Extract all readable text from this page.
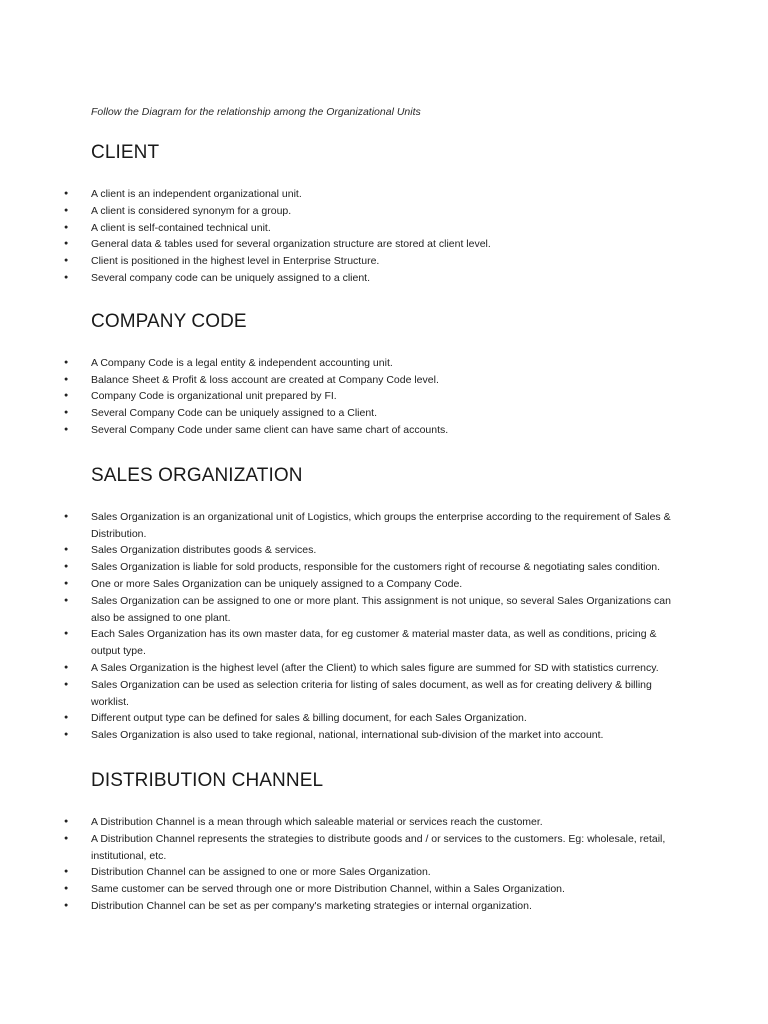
Follow the Diagram for the relationship among the Organizational Units

CLIENT
● A client is an independent organizational unit.
● A client is considered synonym for a group.
● A client is self-contained technical unit.
● General data & tables used for several organization structure are stored at client level.
● Client is positioned in the highest level in Enterprise Structure.
● Several company code can be uniquely assigned to a client.
COMPANY CODE
● A Company Code is a legal entity & independent accounting unit.
● Balance Sheet & Profit & loss account are created at Company Code level.
● Company Code is organizational unit prepared by FI.
● Several Company Code can be uniquely assigned to a Client.
● Several Company Code under same client can have same chart of accounts.
SALES ORGANIZATION
● Sales Organization is an organizational unit of Logistics, which groups the enterprise according to the requirement of Sales & Distribution.
● Sales Organization distributes goods & services.
● Sales Organization is liable for sold products, responsible for the customers right of recourse & negotiating sales condition.
● One or more Sales Organization can be uniquely assigned to a Company Code.
● Sales Organization can be assigned to one or more plant. This assignment is not unique, so several Sales Organizations can also be assigned to one plant.
● Each Sales Organization has its own master data, for eg customer & material master data, as well as conditions, pricing & output type.
● A Sales Organization is the highest level (after the Client) to which sales figure are summed for SD with statistics currency.
● Sales Organization can be used as selection criteria for listing of sales document, as well as for creating delivery & billing worklist.
● Different output type can be defined for sales & billing document, for each Sales Organization.
● Sales Organization is also used to take regional, national, international sub-division of the market into account.
DISTRIBUTION CHANNEL
● A Distribution Channel is a mean through which saleable material or services reach the customer.
● A Distribution Channel represents the strategies to distribute goods and / or services to the customers. Eg: wholesale, retail, institutional, etc.
● Distribution Channel can be assigned to one or more Sales Organization.
● Same customer can be served through one or more Distribution Channel, within a Sales Organization.
● Distribution Channel can be set as per company's marketing strategies or internal organization.
